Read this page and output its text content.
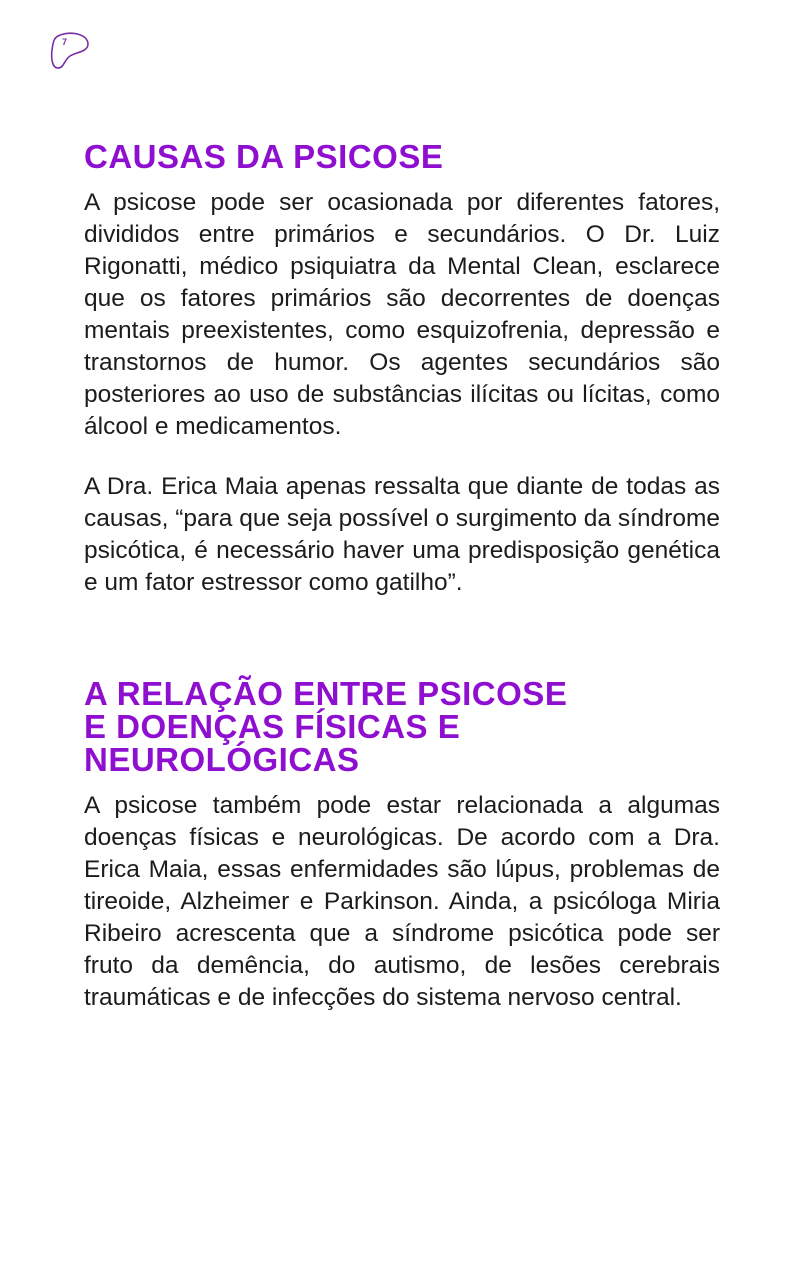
7
CAUSAS DA PSICOSE

A psicose pode ser ocasionada por diferentes fatores, divididos entre primários e secundários. O Dr. Luiz Rigonatti, médico psiquiatra da Mental Clean, esclarece que os fatores primários são decorrentes de doenças mentais preexistentes, como esquizofrenia, depressão e transtornos de humor. Os agentes secundários são posteriores ao uso de substâncias ilícitas ou lícitas, como álcool e medicamentos.

A Dra. Erica Maia apenas ressalta que diante de todas as causas, “para que seja possível o surgimento da síndrome psicótica, é necessário haver uma predisposição genética e um fator estressor como gatilho”.

A RELAÇÃO ENTRE PSICOSE
E DOENÇAS FÍSICAS E
NEUROLÓGICAS

A psicose também pode estar relacionada a algumas doenças físicas e neurológicas. De acordo com a Dra. Erica Maia, essas enfermidades são lúpus, problemas de tireoide, Alzheimer e Parkinson. Ainda, a psicóloga Miria Ribeiro acrescenta que a síndrome psicótica pode ser fruto da demência, do autismo, de lesões cerebrais traumáticas e de infecções do sistema nervoso central.
